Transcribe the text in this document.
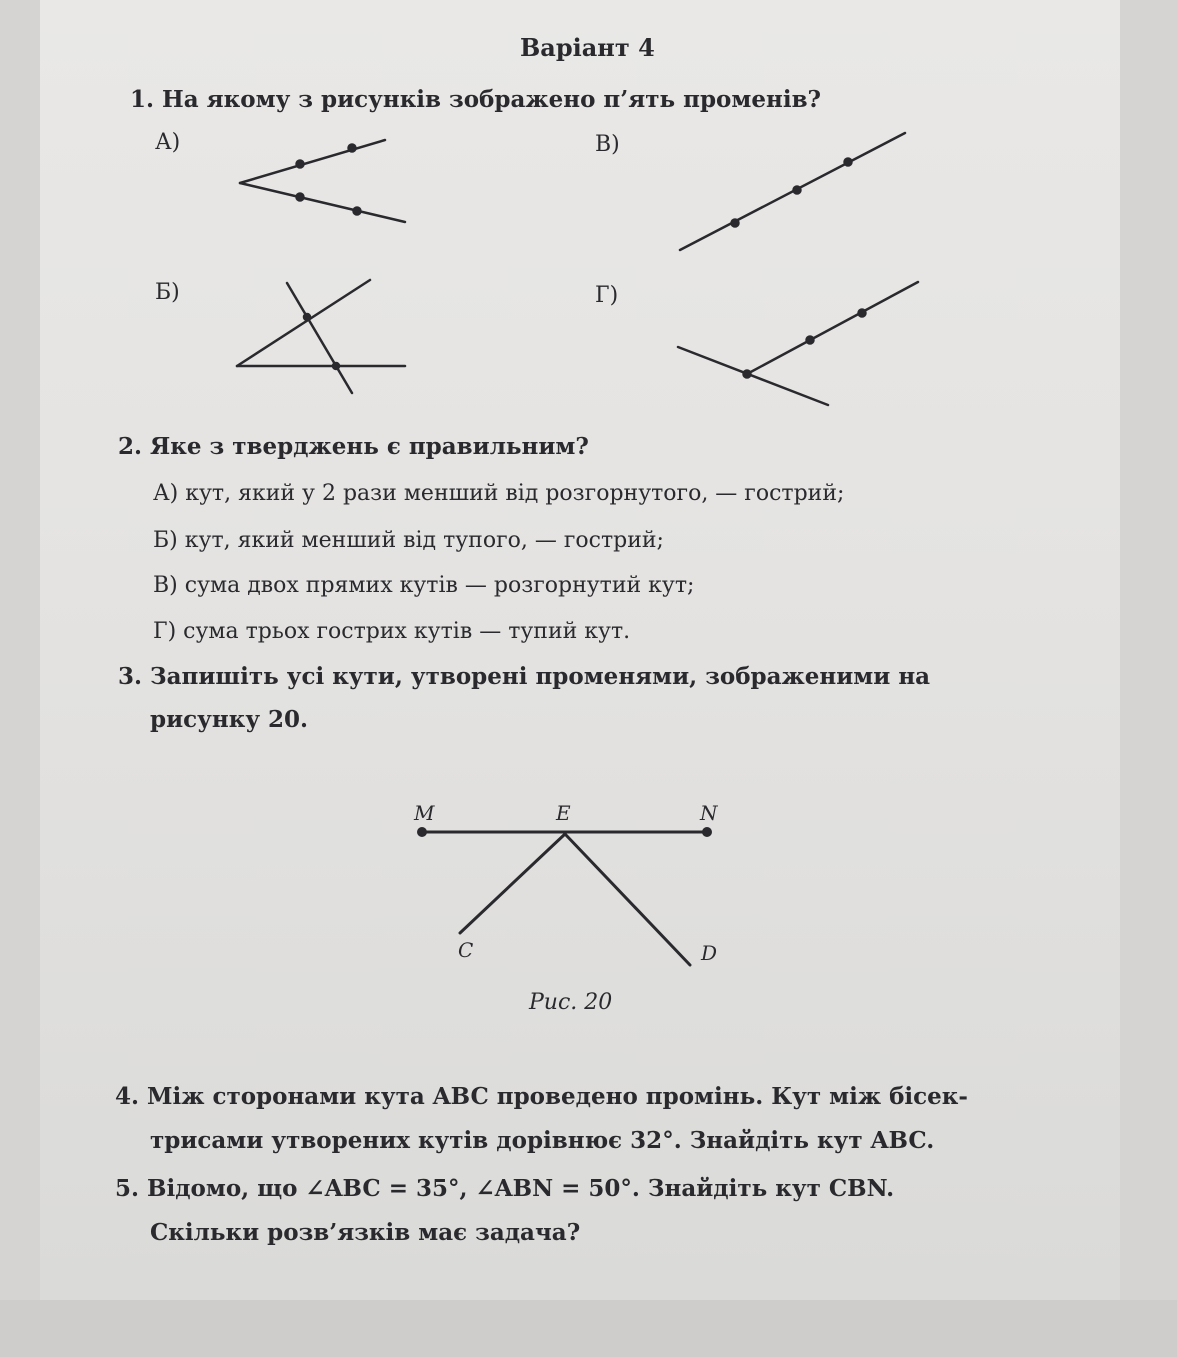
Варіант 4
1. На якому з рисунків зображено п’ять променів?
А)	В)
Б)	Г)
2. Яке з тверджень є правильним?
А) кут, який у 2 рази менший від розгорнутого, — гострий;
Б) кут, який менший від тупого, — гострий;
В) сума двох прямих кутів — розгорнутий кут;
Г) сума трьох гострих кутів — тупий кут.
3. Запишіть усі кути, утворені променями, зображеними на
рисунку 20.
M	E	N
C	D
Рис. 20
4. Між сторонами кута ABC проведено промінь. Кут між бісек-
трисами утворених кутів дорівнює 32°. Знайдіть кут ABC.
5. Відомо, що ∠ABC = 35°, ∠ABN = 50°. Знайдіть кут CBN.
Скільки розв’язків має задача?
